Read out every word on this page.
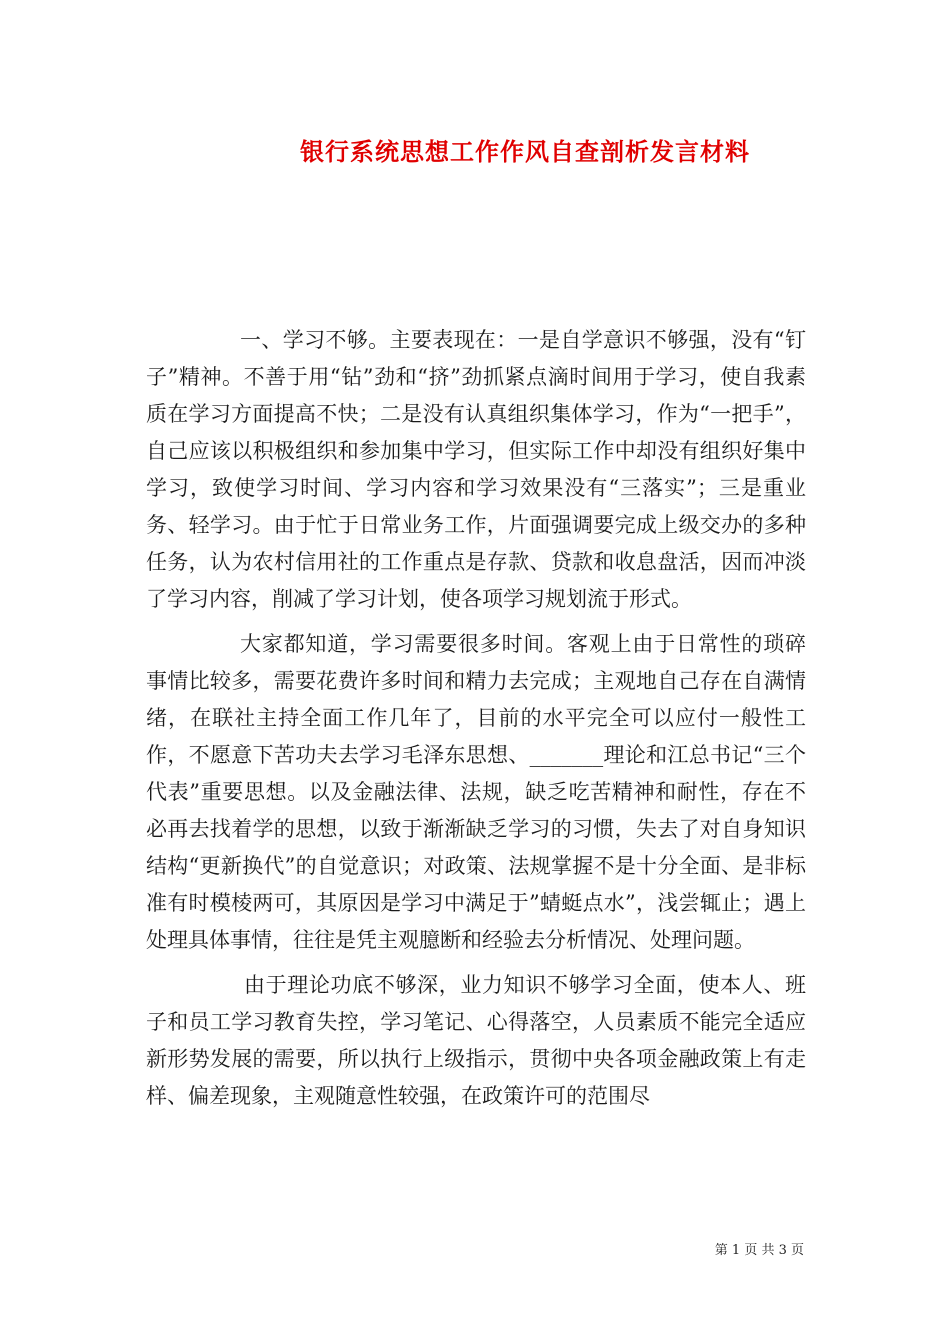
银行系统思想工作作风自查剖析发言材料

一、学习不够。主要表现在：一是自学意识不够强，没有“钉子”精神。不善于用“钻”劲和“挤”劲抓紧点滴时间用于学习，使自我素质在学习方面提高不快；二是没有认真组织集体学习，作为“一把手”，自己应该以积极组织和参加集中学习，但实际工作中却没有组织好集中学习，致使学习时间、学习内容和学习效果没有“三落实”；三是重业务、轻学习。由于忙于日常业务工作，片面强调要完成上级交办的多种任务，认为农村信用社的工作重点是存款、贷款和收息盘活，因而冲淡了学习内容，削减了学习计划，使各项学习规划流于形式。

大家都知道，学习需要很多时间。客观上由于日常性的琐碎事情比较多，需要花费许多时间和精力去完成；主观地自己存在自满情绪，在联社主持全面工作几年了，目前的水平完全可以应付一般性工作，不愿意下苦功夫去学习毛泽东思想、_______理论和江总书记“三个代表”重要思想。以及金融法律、法规，缺乏吃苦精神和耐性，存在不必再去找着学的思想，以致于渐渐缺乏学习的习惯，失去了对自身知识结构“更新换代”的自觉意识；对政策、法规掌握不是十分全面、是非标准有时模棱两可，其原因是学习中满足于”蜻蜓点水”，浅尝辄止；遇上处理具体事情，往往是凭主观臆断和经验去分析情况、处理问题。

由于理论功底不够深，业力知识不够学习全面，使本人、班子和员工学习教育失控，学习笔记、心得落空，人员素质不能完全适应新形势发展的需要，所以执行上级指示，贯彻中央各项金融政策上有走样、偏差现象，主观随意性较强，在政策许可的范围尽

第 1 页 共 3 页
